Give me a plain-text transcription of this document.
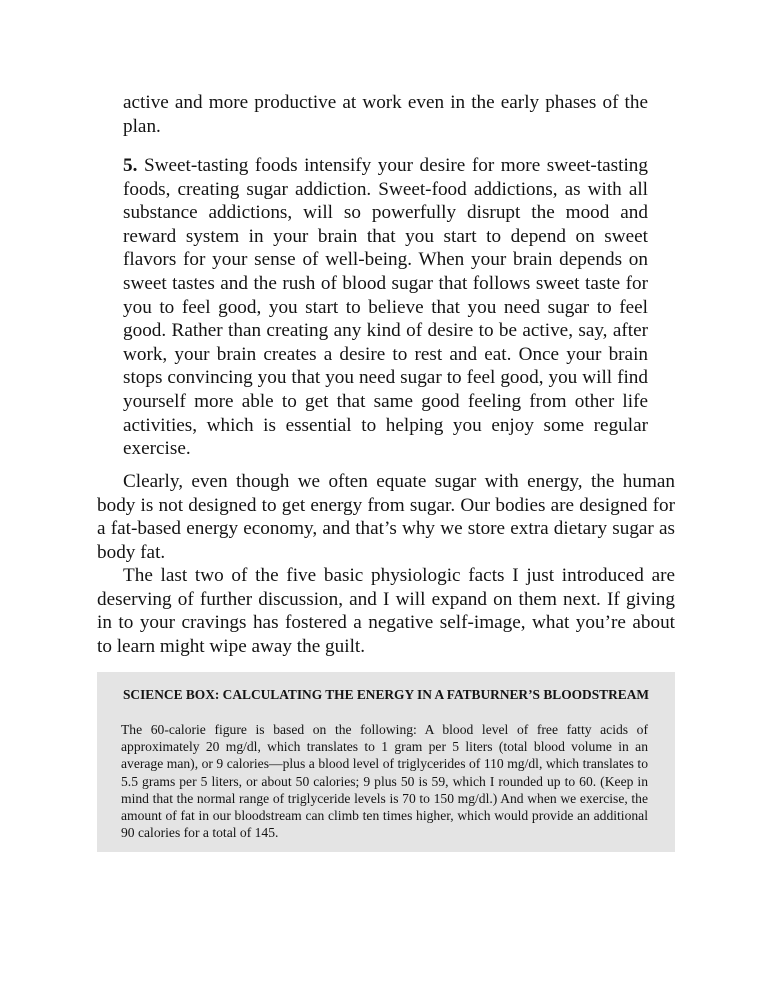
active and more productive at work even in the early phases of the plan.

5. Sweet-tasting foods intensify your desire for more sweet-tasting foods, creating sugar addiction. Sweet-food addictions, as with all substance addictions, will so powerfully disrupt the mood and reward system in your brain that you start to depend on sweet flavors for your sense of well-being. When your brain depends on sweet tastes and the rush of blood sugar that follows sweet taste for you to feel good, you start to believe that you need sugar to feel good. Rather than creating any kind of desire to be active, say, after work, your brain creates a desire to rest and eat. Once your brain stops convincing you that you need sugar to feel good, you will find yourself more able to get that same good feeling from other life activities, which is essential to helping you enjoy some regular exercise.

Clearly, even though we often equate sugar with energy, the human body is not designed to get energy from sugar. Our bodies are designed for a fat-based energy economy, and that’s why we store extra dietary sugar as body fat.

The last two of the five basic physiologic facts I just introduced are deserving of further discussion, and I will expand on them next. If giving in to your cravings has fostered a negative self-image, what you’re about to learn might wipe away the guilt.

SCIENCE BOX: CALCULATING THE ENERGY IN A FATBURNER’S BLOODSTREAM

The 60-calorie figure is based on the following: A blood level of free fatty acids of approximately 20 mg/dl, which translates to 1 gram per 5 liters (total blood volume in an average man), or 9 calories—plus a blood level of triglycerides of 110 mg/dl, which translates to 5.5 grams per 5 liters, or about 50 calories; 9 plus 50 is 59, which I rounded up to 60. (Keep in mind that the normal range of triglyceride levels is 70 to 150 mg/dl.) And when we exercise, the amount of fat in our bloodstream can climb ten times higher, which would provide an additional 90 calories for a total of 145.
